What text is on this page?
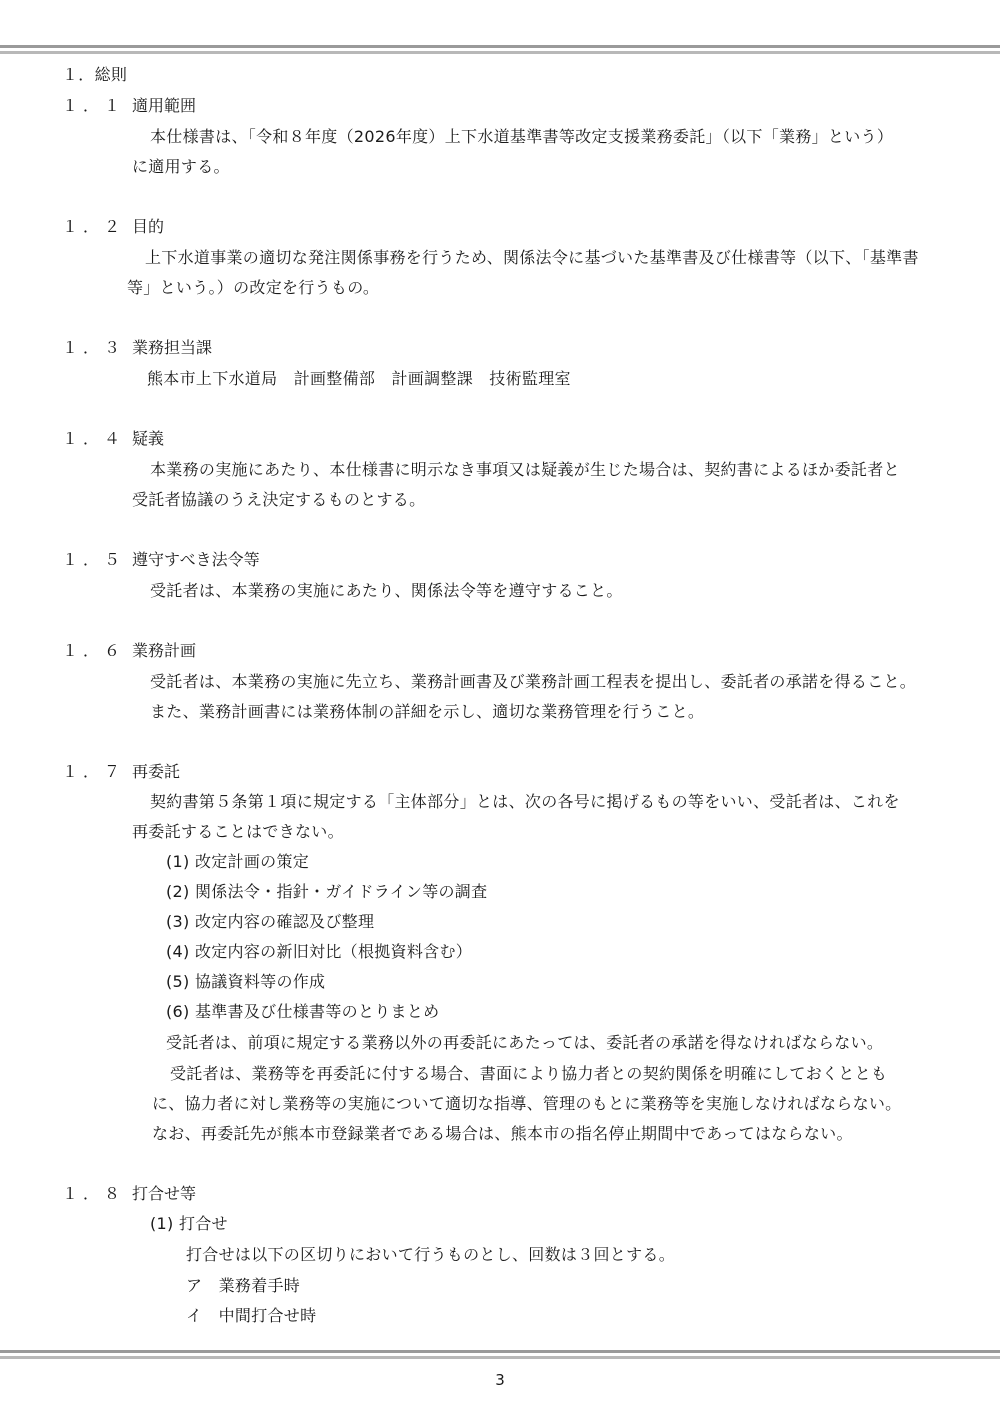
１．総則
１．１ 適用範囲
本仕様書は、「令和８年度（2026年度）上下水道基準書等改定支援業務委託」（以下「業務」という）
に適用する。
１．２ 目的
上下水道事業の適切な発注関係事務を行うため、関係法令に基づいた基準書及び仕様書等（以下、「基準書
等」という。）の改定を行うもの。
１．３ 業務担当課
熊本市上下水道局　計画整備部　計画調整課　技術監理室
１．４ 疑義
本業務の実施にあたり、本仕様書に明示なき事項又は疑義が生じた場合は、契約書によるほか委託者と
受託者協議のうえ決定するものとする。
１．５ 遵守すべき法令等
受託者は、本業務の実施にあたり、関係法令等を遵守すること。
１．６ 業務計画
受託者は、本業務の実施に先立ち、業務計画書及び業務計画工程表を提出し、委託者の承諾を得ること。
また、業務計画書には業務体制の詳細を示し、適切な業務管理を行うこと。
１．７ 再委託
契約書第５条第１項に規定する「主体部分」とは、次の各号に掲げるもの等をいい、受託者は、これを
再委託することはできない。
(1) 改定計画の策定
(2) 関係法令・指針・ガイドライン等の調査
(3) 改定内容の確認及び整理
(4) 改定内容の新旧対比（根拠資料含む）
(5) 協議資料等の作成
(6) 基準書及び仕様書等のとりまとめ
受託者は、前項に規定する業務以外の再委託にあたっては、委託者の承諾を得なければならない。
受託者は、業務等を再委託に付する場合、書面により協力者との契約関係を明確にしておくととも
に、協力者に対し業務等の実施について適切な指導、管理のもとに業務等を実施しなければならない。
なお、再委託先が熊本市登録業者である場合は、熊本市の指名停止期間中であってはならない。
１．８ 打合せ等
(1) 打合せ
打合せは以下の区切りにおいて行うものとし、回数は３回とする。
ア　業務着手時
イ　中間打合せ時
3
